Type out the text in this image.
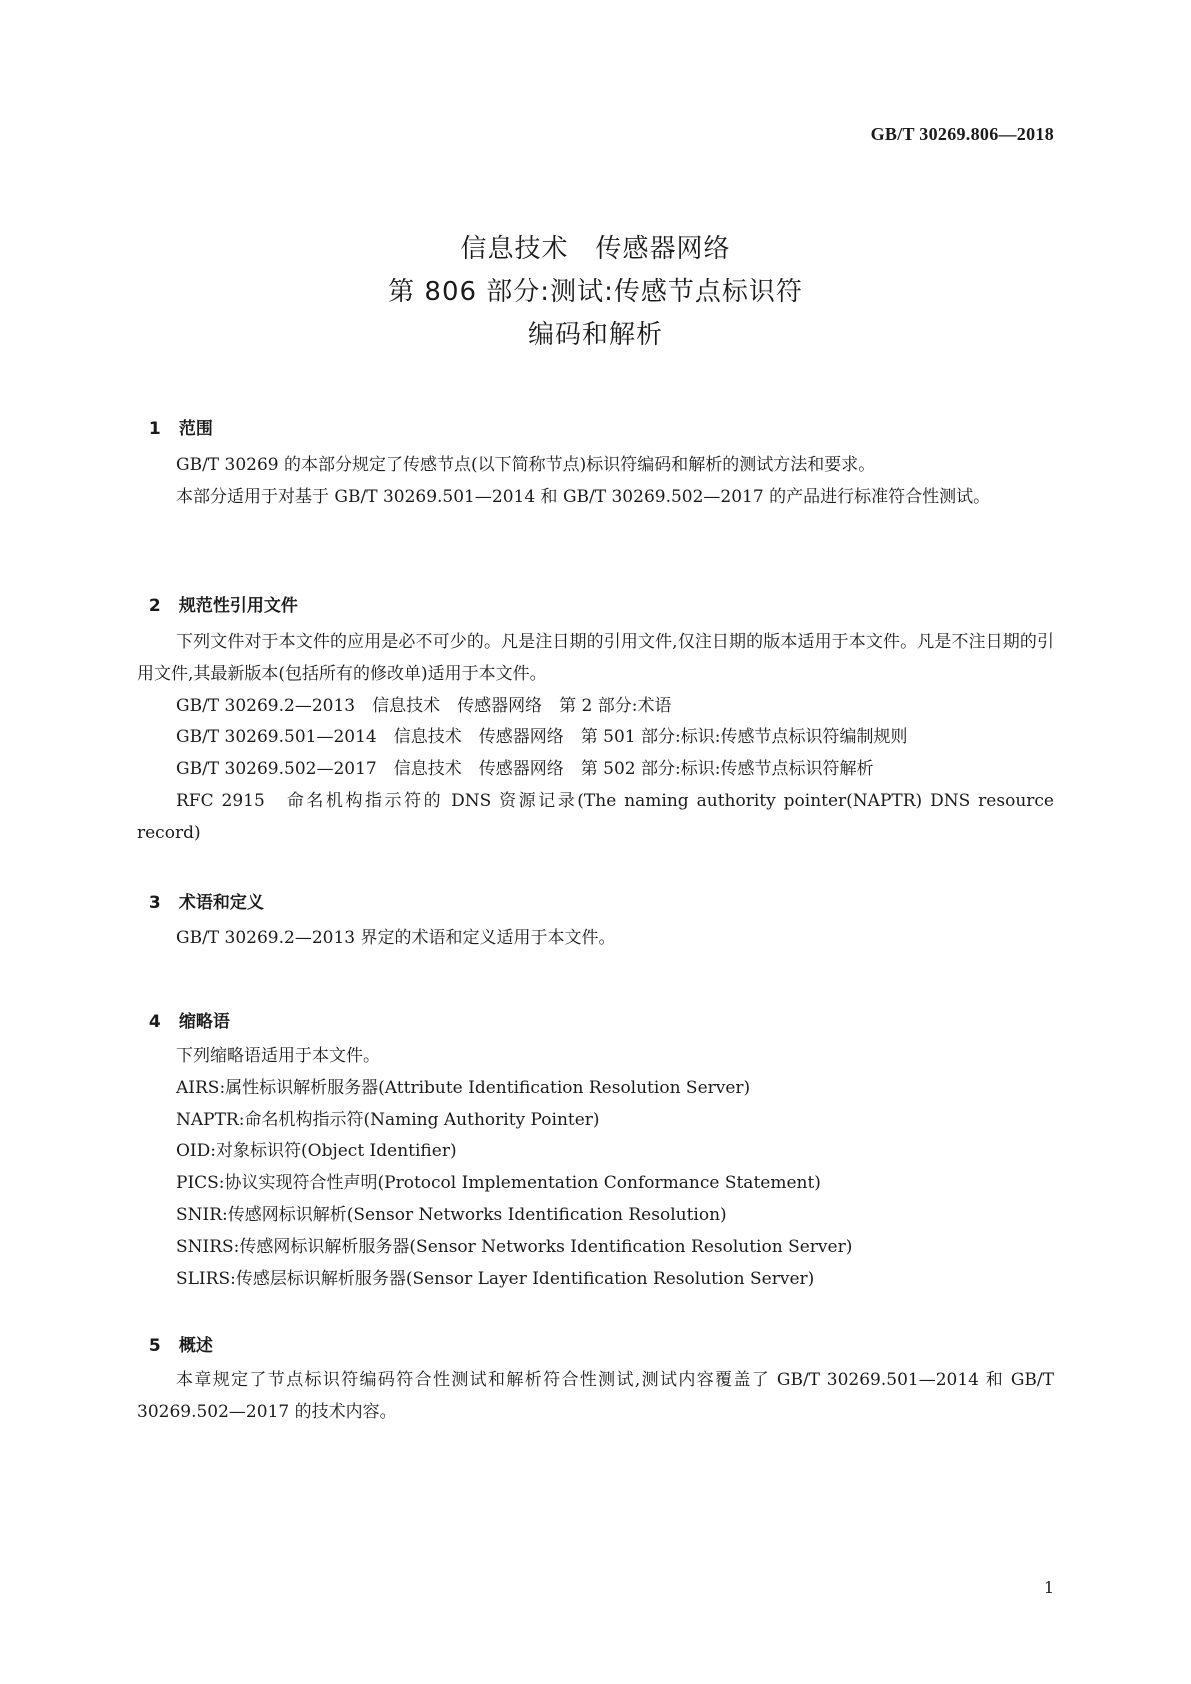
GB/T 30269.806—2018
信息技术　传感器网络
第 806 部分:测试:传感节点标识符
编码和解析

1 范围

GB/T 30269 的本部分规定了传感节点(以下简称节点)标识符编码和解析的测试方法和要求。

本部分适用于对基于 GB/T 30269.501—2014 和 GB/T 30269.502—2017 的产品进行标准符合性测试。

2 规范性引用文件

下列文件对于本文件的应用是必不可少的。凡是注日期的引用文件,仅注日期的版本适用于本文件。凡是不注日期的引用文件,其最新版本(包括所有的修改单)适用于本文件。

GB/T 30269.2—2013　信息技术　传感器网络　第 2 部分:术语

GB/T 30269.501—2014　信息技术　传感器网络　第 501 部分:标识:传感节点标识符编制规则

GB/T 30269.502—2017　信息技术　传感器网络　第 502 部分:标识:传感节点标识符解析

RFC 2915　命名机构指示符的 DNS 资源记录(The naming authority pointer(NAPTR) DNS resource record)

3 术语和定义

GB/T 30269.2—2013 界定的术语和定义适用于本文件。

4 缩略语

下列缩略语适用于本文件。
AIRS:属性标识解析服务器(Attribute Identification Resolution Server)
NAPTR:命名机构指示符(Naming Authority Pointer)
OID:对象标识符(Object Identifier)
PICS:协议实现符合性声明(Protocol Implementation Conformance Statement)
SNIR:传感网标识解析(Sensor Networks Identification Resolution)
SNIRS:传感网标识解析服务器(Sensor Networks Identification Resolution Server)
SLIRS:传感层标识解析服务器(Sensor Layer Identification Resolution Server)

5 概述

本章规定了节点标识符编码符合性测试和解析符合性测试,测试内容覆盖了 GB/T 30269.501—2014 和 GB/T 30269.502—2017 的技术内容。

1
